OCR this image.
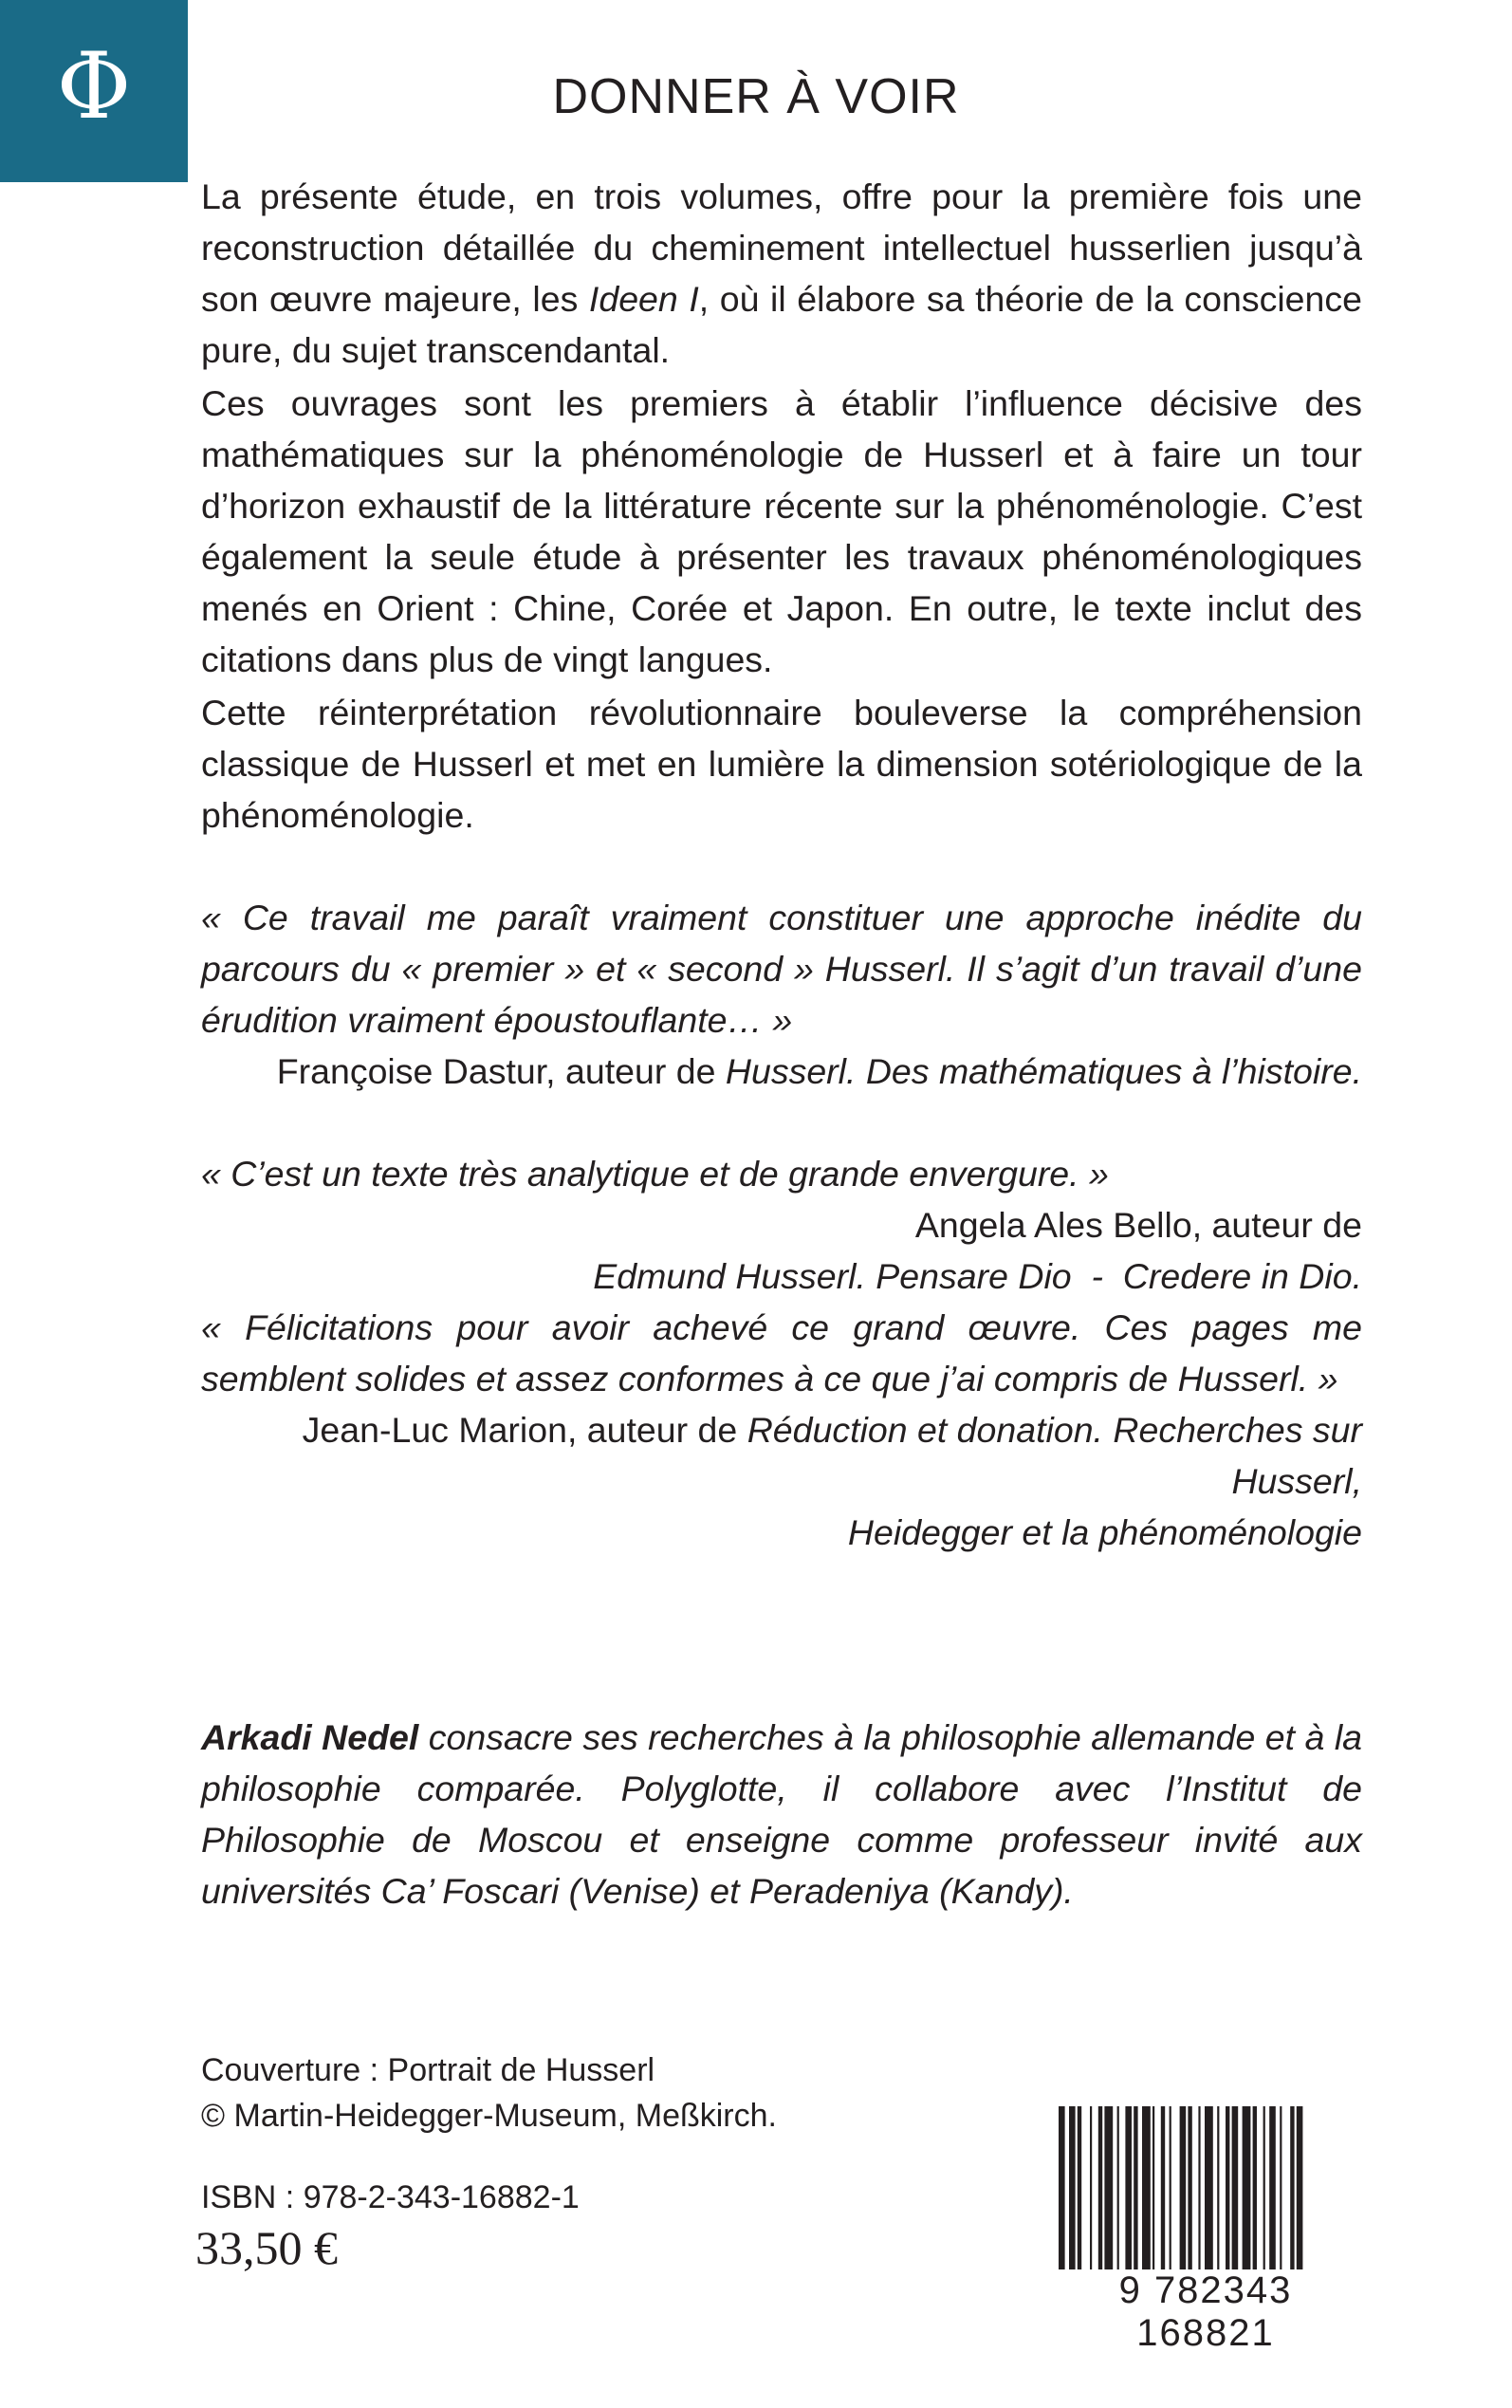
Φ	DONNER À VOIR

La présente étude, en trois volumes, offre pour la première fois une reconstruction détaillée du cheminement intellectuel husserlien jusqu’à son œuvre majeure, les Ideen I, où il élabore sa théorie de la conscience pure, du sujet transcendantal.

Ces ouvrages sont les premiers à établir l’influence décisive des mathématiques sur la phénoménologie de Husserl et à faire un tour d’horizon exhaustif de la littérature récente sur la phénoménologie. C’est également la seule étude à présenter les travaux phénoménologiques menés en Orient : Chine, Corée et Japon. En outre, le texte inclut des citations dans plus de vingt langues.

Cette réinterprétation révolutionnaire bouleverse la compréhension classique de Husserl et met en lumière la dimension sotériologique de la phénoménologie.

« Ce travail me paraît vraiment constituer une approche inédite du parcours du « premier » et « second » Husserl. Il s’agit d’un travail d’une érudition vraiment époustouflante… »

Françoise Dastur, auteur de Husserl. Des mathématiques à l’histoire.

« C’est un texte très analytique et de grande envergure. »

Angela Ales Bello, auteur de Edmund Husserl. Pensare Dio  -  Credere in Dio.

« Félicitations pour avoir achevé ce grand œuvre. Ces pages me semblent solides et assez conformes à ce que j’ai compris de Husserl. »

Jean-Luc Marion, auteur de Réduction et donation. Recherches sur Husserl,

Heidegger et la phénoménologie

Arkadi Nedel consacre ses recherches à la philosophie allemande et à la philosophie comparée. Polyglotte, il collabore avec l’Institut de Philosophie de Moscou et enseigne comme professeur invité aux universités Ca’ Foscari (Venise) et Peradeniya (Kandy).

Couverture : Portrait de Husserl

© Martin-Heidegger-Museum, Meßkirch.

ISBN : 978-2-343-16882-1

33,50 €
9 782343 168821
